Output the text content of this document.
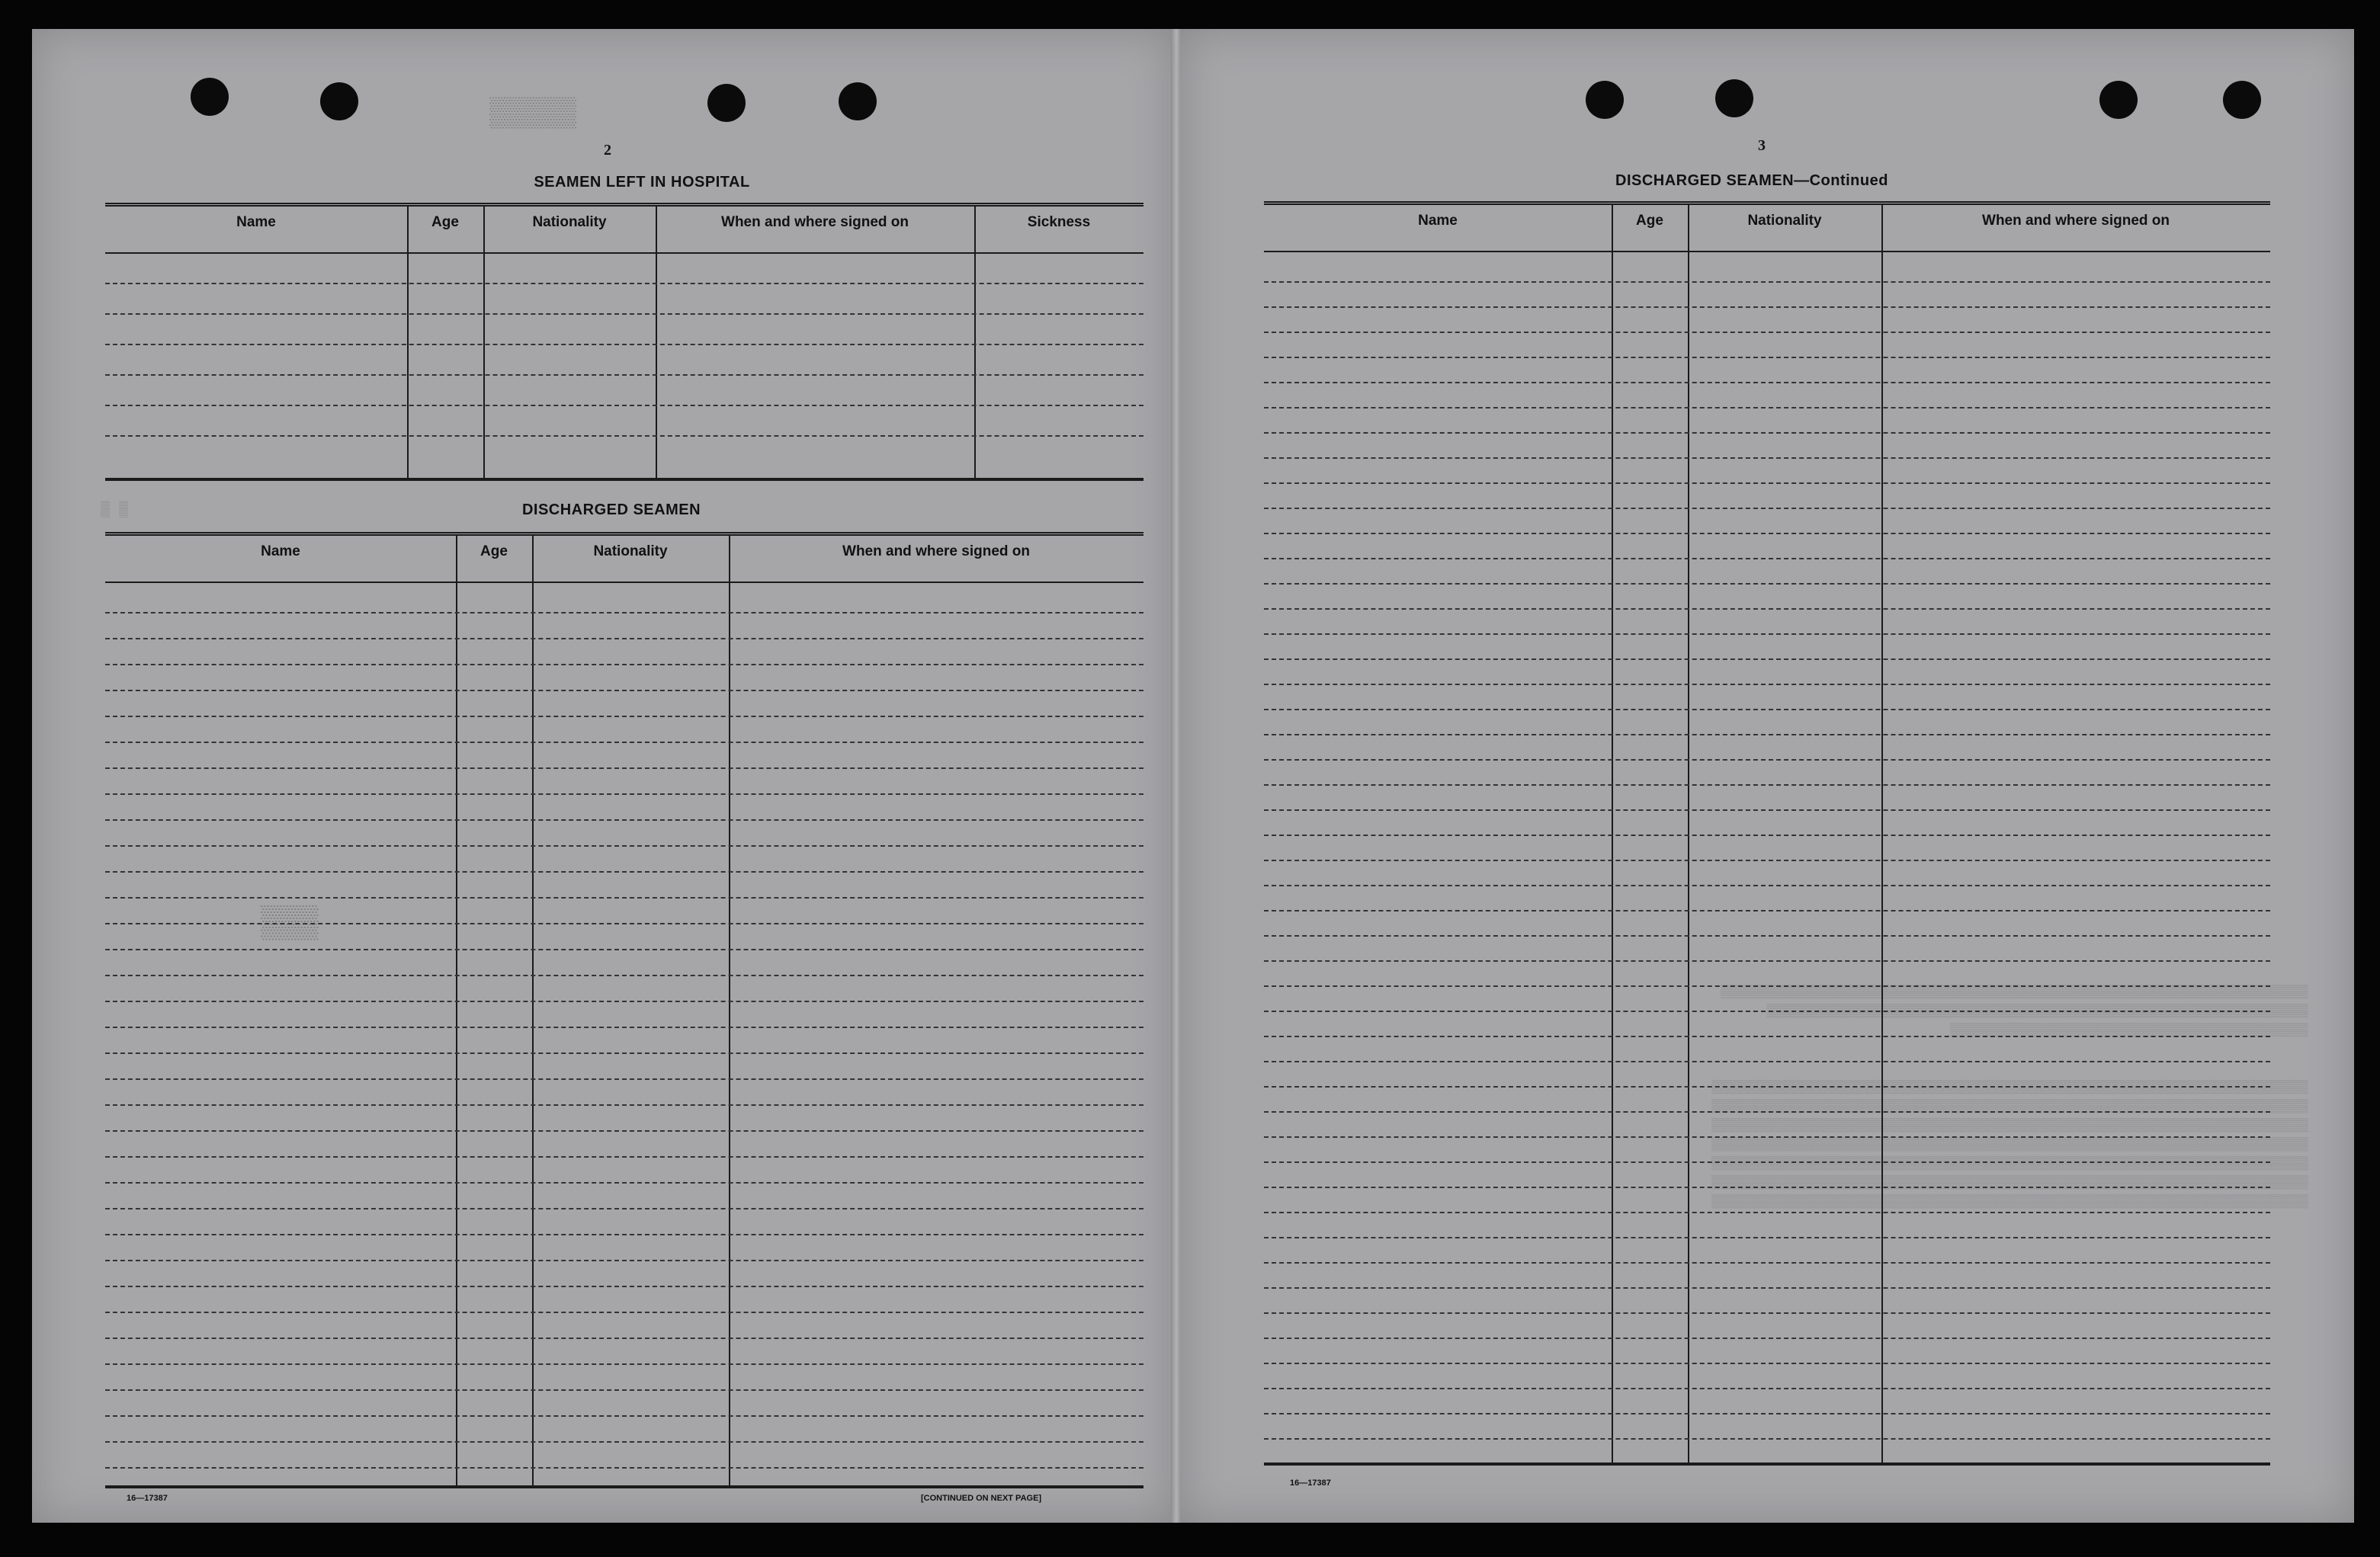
▒▒▒▒▒
▒ ▒
▒▒▒
2
SEAMEN LEFT IN HOSPITAL
Name	Age	Nationality	When and where signed on	Sickness
DISCHARGED SEAMEN
Name	Age	Nationality	When and where signed on
16—17387	[CONTINUED ON NEXT PAGE]
▒▒▒▒▒▒▒▒▒▒▒▒▒▒▒▒▒▒▒▒▒▒▒▒▒▒▒▒▒▒▒▒▒▒▒▒▒▒▒▒▒▒▒▒▒▒▒▒▒▒▒▒▒▒▒▒▒▒▒▒▒▒▒▒
▒▒▒▒▒▒▒▒▒▒▒▒▒▒▒▒▒▒▒▒▒▒▒▒▒▒▒▒▒▒▒▒▒▒▒▒▒▒▒▒▒▒▒▒▒▒▒▒▒▒▒▒▒▒▒▒▒▒▒
▒▒▒▒▒▒▒▒▒▒▒▒▒▒▒▒▒▒▒▒▒▒▒▒▒▒▒▒▒▒▒▒▒▒▒▒▒▒▒

▒▒▒▒▒▒▒▒▒▒▒▒▒▒▒▒▒▒▒▒▒▒▒▒▒▒▒▒▒▒▒▒▒▒▒▒▒▒▒▒▒▒▒▒▒▒▒▒▒▒▒▒▒▒▒▒▒▒▒▒▒▒▒▒▒
▒▒▒▒▒▒▒▒▒▒▒▒▒▒▒▒▒▒▒▒▒▒▒▒▒▒▒▒▒▒▒▒▒▒▒▒▒▒▒▒▒▒▒▒▒▒▒▒▒▒▒▒▒▒▒▒▒▒▒▒▒▒▒▒▒
▒▒▒▒▒▒▒▒▒▒▒▒▒▒▒▒▒▒▒▒▒▒▒▒▒▒▒▒▒▒▒▒▒▒▒▒▒▒▒▒▒▒▒▒▒▒▒▒▒▒▒▒▒▒▒▒▒▒▒▒▒▒▒▒▒
▒▒▒▒▒▒▒▒▒▒▒▒▒▒▒▒▒▒▒▒▒▒▒▒▒▒▒▒▒▒▒▒▒▒▒▒▒▒▒▒▒▒▒▒▒▒▒▒▒▒▒▒▒▒▒▒▒▒▒▒▒▒▒▒▒
▒▒▒▒▒▒▒▒▒▒▒▒▒▒▒▒▒▒▒▒▒▒▒▒▒▒▒▒▒▒▒▒▒▒▒▒▒▒▒▒▒▒▒▒▒▒▒▒▒▒▒▒▒▒▒▒▒▒▒▒▒▒▒▒▒
▒▒▒▒▒▒▒▒▒▒▒▒▒▒▒▒▒▒▒▒▒▒▒▒▒▒▒▒▒▒▒▒▒▒▒▒▒▒▒▒▒▒▒▒▒▒▒▒▒▒▒▒▒▒▒▒▒▒▒▒▒▒▒▒▒
▒▒▒▒▒▒▒▒▒▒▒▒▒▒▒▒▒▒▒▒▒▒▒▒▒▒▒▒▒▒▒▒▒▒▒▒▒▒▒▒▒▒▒▒▒▒▒▒▒▒▒▒▒▒▒▒▒▒▒▒▒▒▒▒▒
3
DISCHARGED SEAMEN—Continued
Name	Age	Nationality	When and where signed on
16—17387
